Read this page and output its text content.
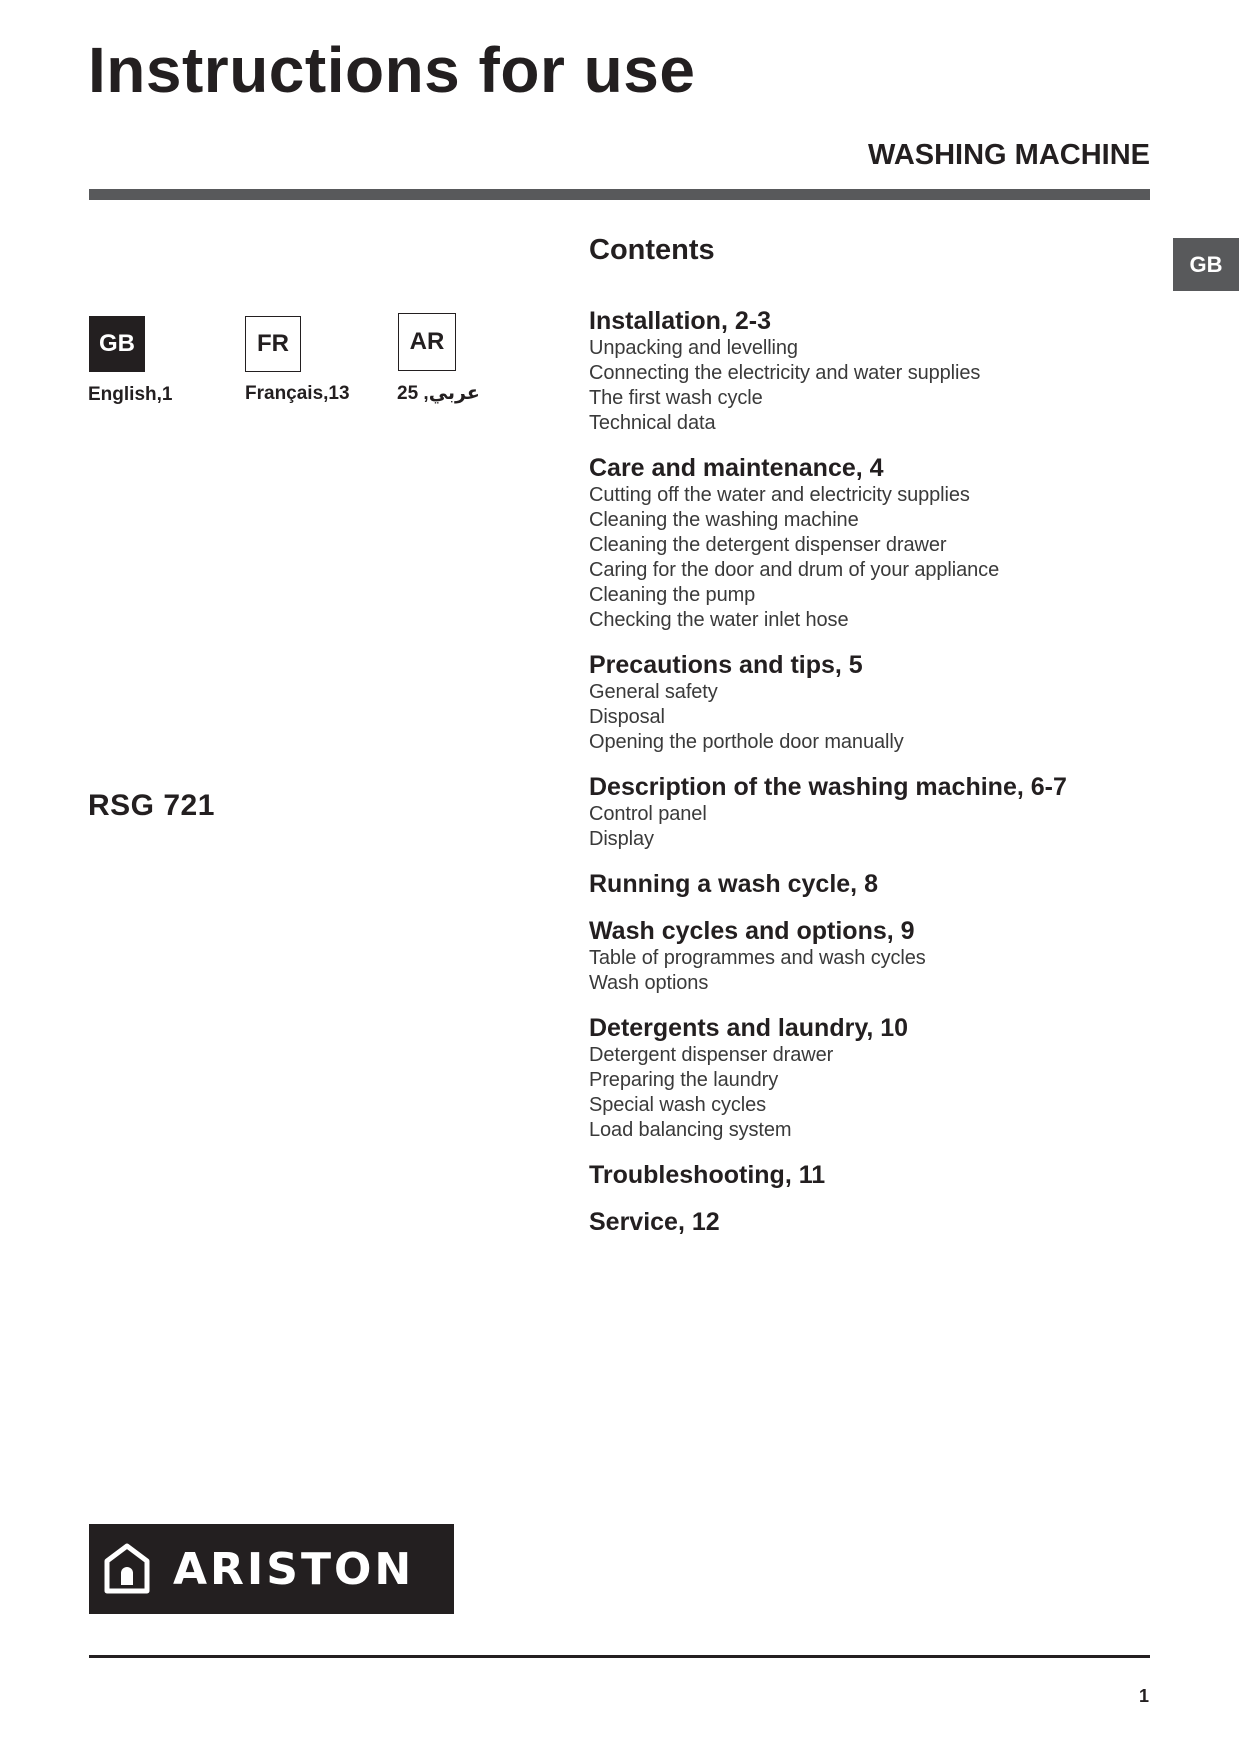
Instructions for use
WASHING MACHINE
GB
GB
English,1
FR
Français,13
AR
عربي, 25
RSG 721
Contents
Installation, 2-3
Unpacking and levelling
Connecting the electricity and water supplies
The first wash cycle
Technical data
Care and maintenance, 4
Cutting off the water and electricity supplies
Cleaning the washing machine
Cleaning the detergent dispenser drawer
Caring for the door and drum of your appliance
Cleaning the pump
Checking the water inlet hose
Precautions and tips, 5
General safety
Disposal
Opening the porthole door manually
Description of the washing machine, 6-7
Control panel
Display
Running a wash cycle, 8
Wash cycles and options, 9
Table of programmes and wash cycles
Wash options
Detergents and laundry, 10
Detergent dispenser drawer
Preparing the laundry
Special wash cycles
Load balancing system
Troubleshooting, 11
Service, 12
ARISTON
1
